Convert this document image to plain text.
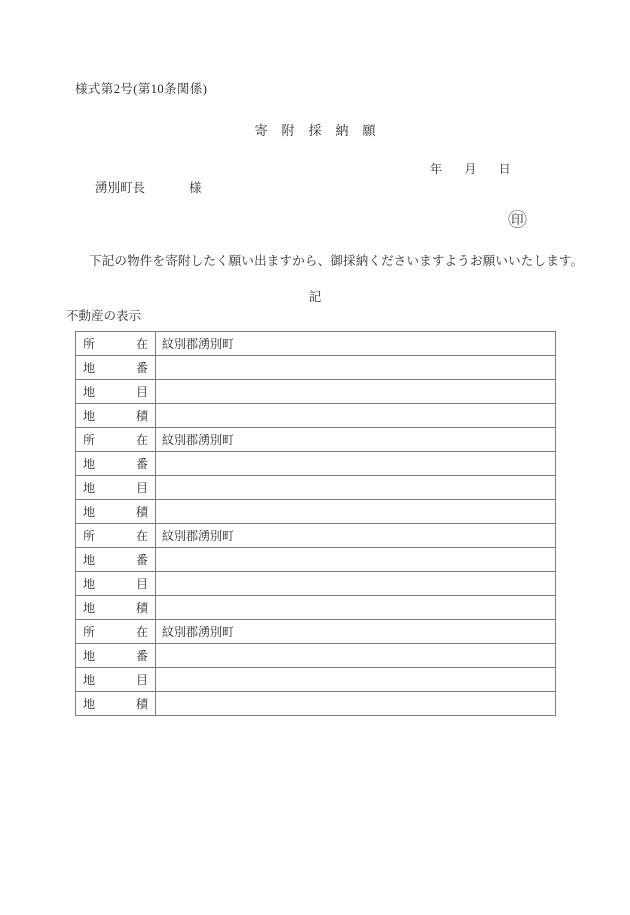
様式第2号(第10条関係)
寄附採納願
年 月 日
湧別町長	様
㊞
下記の物件を寄附したく願い出ますから、御採納くださいますようお願いいたします。
記
不動産の表示
所在	紋別郡湧別町
地番	
地目	
地積	
所在	紋別郡湧別町
地番	
地目	
地積	
所在	紋別郡湧別町
地番	
地目	
地積	
所在	紋別郡湧別町
地番	
地目	
地積	
